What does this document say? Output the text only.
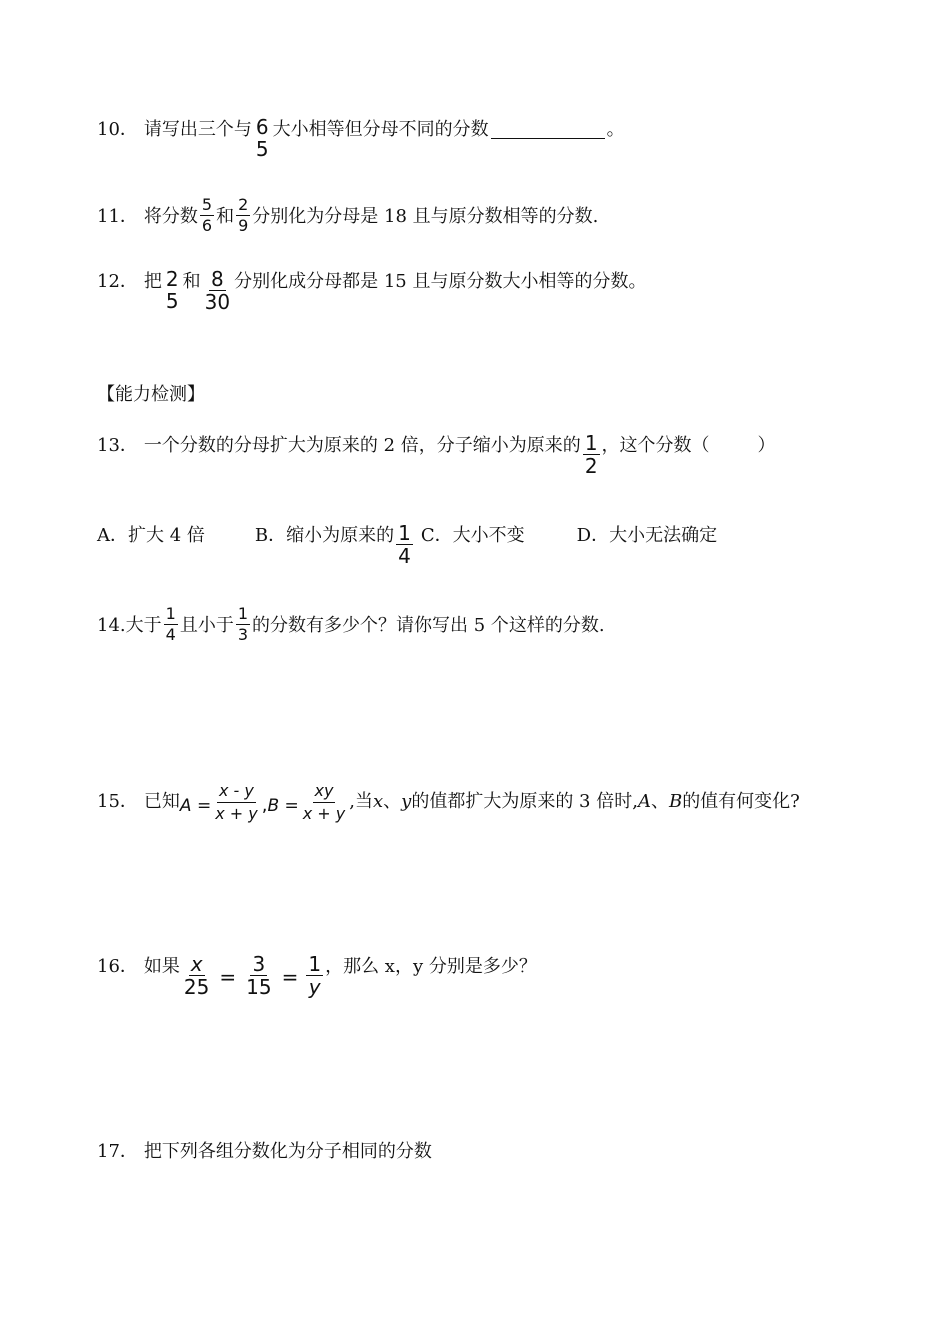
10． 请写出三个与 6
5
大小相等但分母不同的分数	。
11． 将分数 $\frac{5}{6}$ 和 $\frac{2}{9}$ 分别化为分母是 18 且与原分数相等的分数.
12． 把 2
5
和 $\frac{8}{30}$ 分别化成分母都是 15 且与原分数大小相等的分数。
【能力检测】
13． 一个分数的分母扩大为原来的 2 倍，分子缩小为原来的 $\frac{1}{2}$ ，这个分数（	）
A．扩大 4 倍	B．缩小为原来的 $\frac{1}{4}$ C．大小不变	D．大小无法确定
14. 大于 $\frac{1}{4}$ 且小于 $\frac{1}{3}$ 的分数有多少个？请你写出 5 个这样的分数.
15． 已知 $A = \frac{x - y}{x + y}$ , $B = \frac{xy}{x + y}$ ,当 x 、 y 的值都扩大为原来的 3 倍时, A 、 B 的值有何变化?
16． 如果 $\frac{x}{25} = \frac{3}{15} = \frac{1}{y}$ ，那么 x，y 分别是多少？
17． 把下列各组分数化为分子相同的分数
